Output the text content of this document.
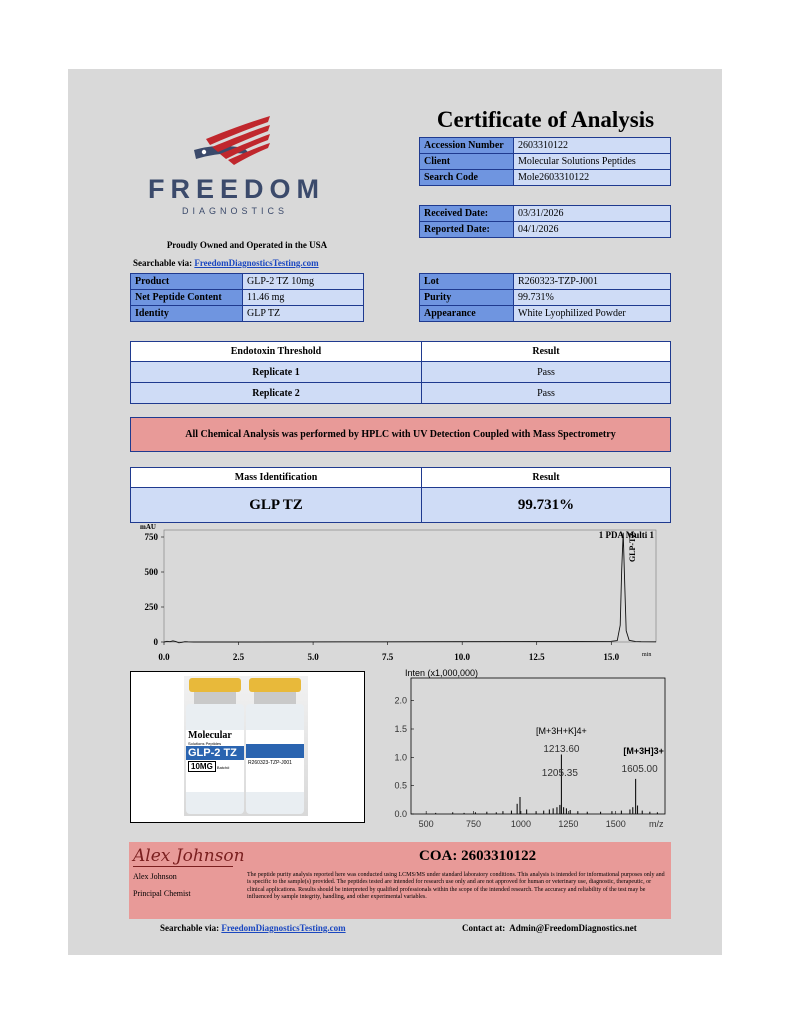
FREEDOM
DIAGNOSTICS
Proudly Owned and Operated in the USA
Searchable via: FreedomDiagnosticsTesting.com
Certificate of Analysis
Accession Number	2603310122
Client	Molecular Solutions Peptides
Search Code	Mole2603310122
Received Date:	03/31/2026
Reported Date:	04/1/2026
Product	GLP-2 TZ 10mg
Net Peptide Content	11.46 mg
Identity	GLP TZ
Lot	R260323-TZP-J001
Purity	99.731%
Appearance	White Lyophilized Powder
Endotoxin Threshold	Result
Replicate 1	Pass
Replicate 2	Pass
All Chemical Analysis was performed by HPLC with UV Detection Coupled with Mass Spectrometry
Mass Identification	Result
GLP TZ	99.731%
mAU
0
250
500
750
0.0	2.5	5.0	7.5	10.0	12.5	15.0	min
1 PDA Multi 1
GLP-TZ
Molecular
Solutions Peptides
GLP-2 TZ
10MG Batch#
R260323-TZP-J001
Inten (x1,000,000)
0.0
0.5
1.0
1.5
2.0
500	750	1000	1250	1500	m/z
[M+3H+K]4+
1213.60
1205.35
[M+3H]3+
1605.00
Alex Johnson
Alex Johnson
Principal Chemist
COA: 2603310122
The peptide purity analysis reported here was conducted using LCMS/MS under standard laboratory conditions. This analysis is intended for informational purposes only and is specific to the sample(s) provided. The peptides tested are intended for research use only and are not approved for human or veterinary use, diagnostic, therapeutic, or clinical applications. Results should be interpreted by qualified professionals within the scope of the intended research. The accuracy and reliability of the test may be influenced by sample integrity, handling, and other experimental variables.
Searchable via: FreedomDiagnosticsTesting.com	Contact at:  Admin@FreedomDiagnostics.net
